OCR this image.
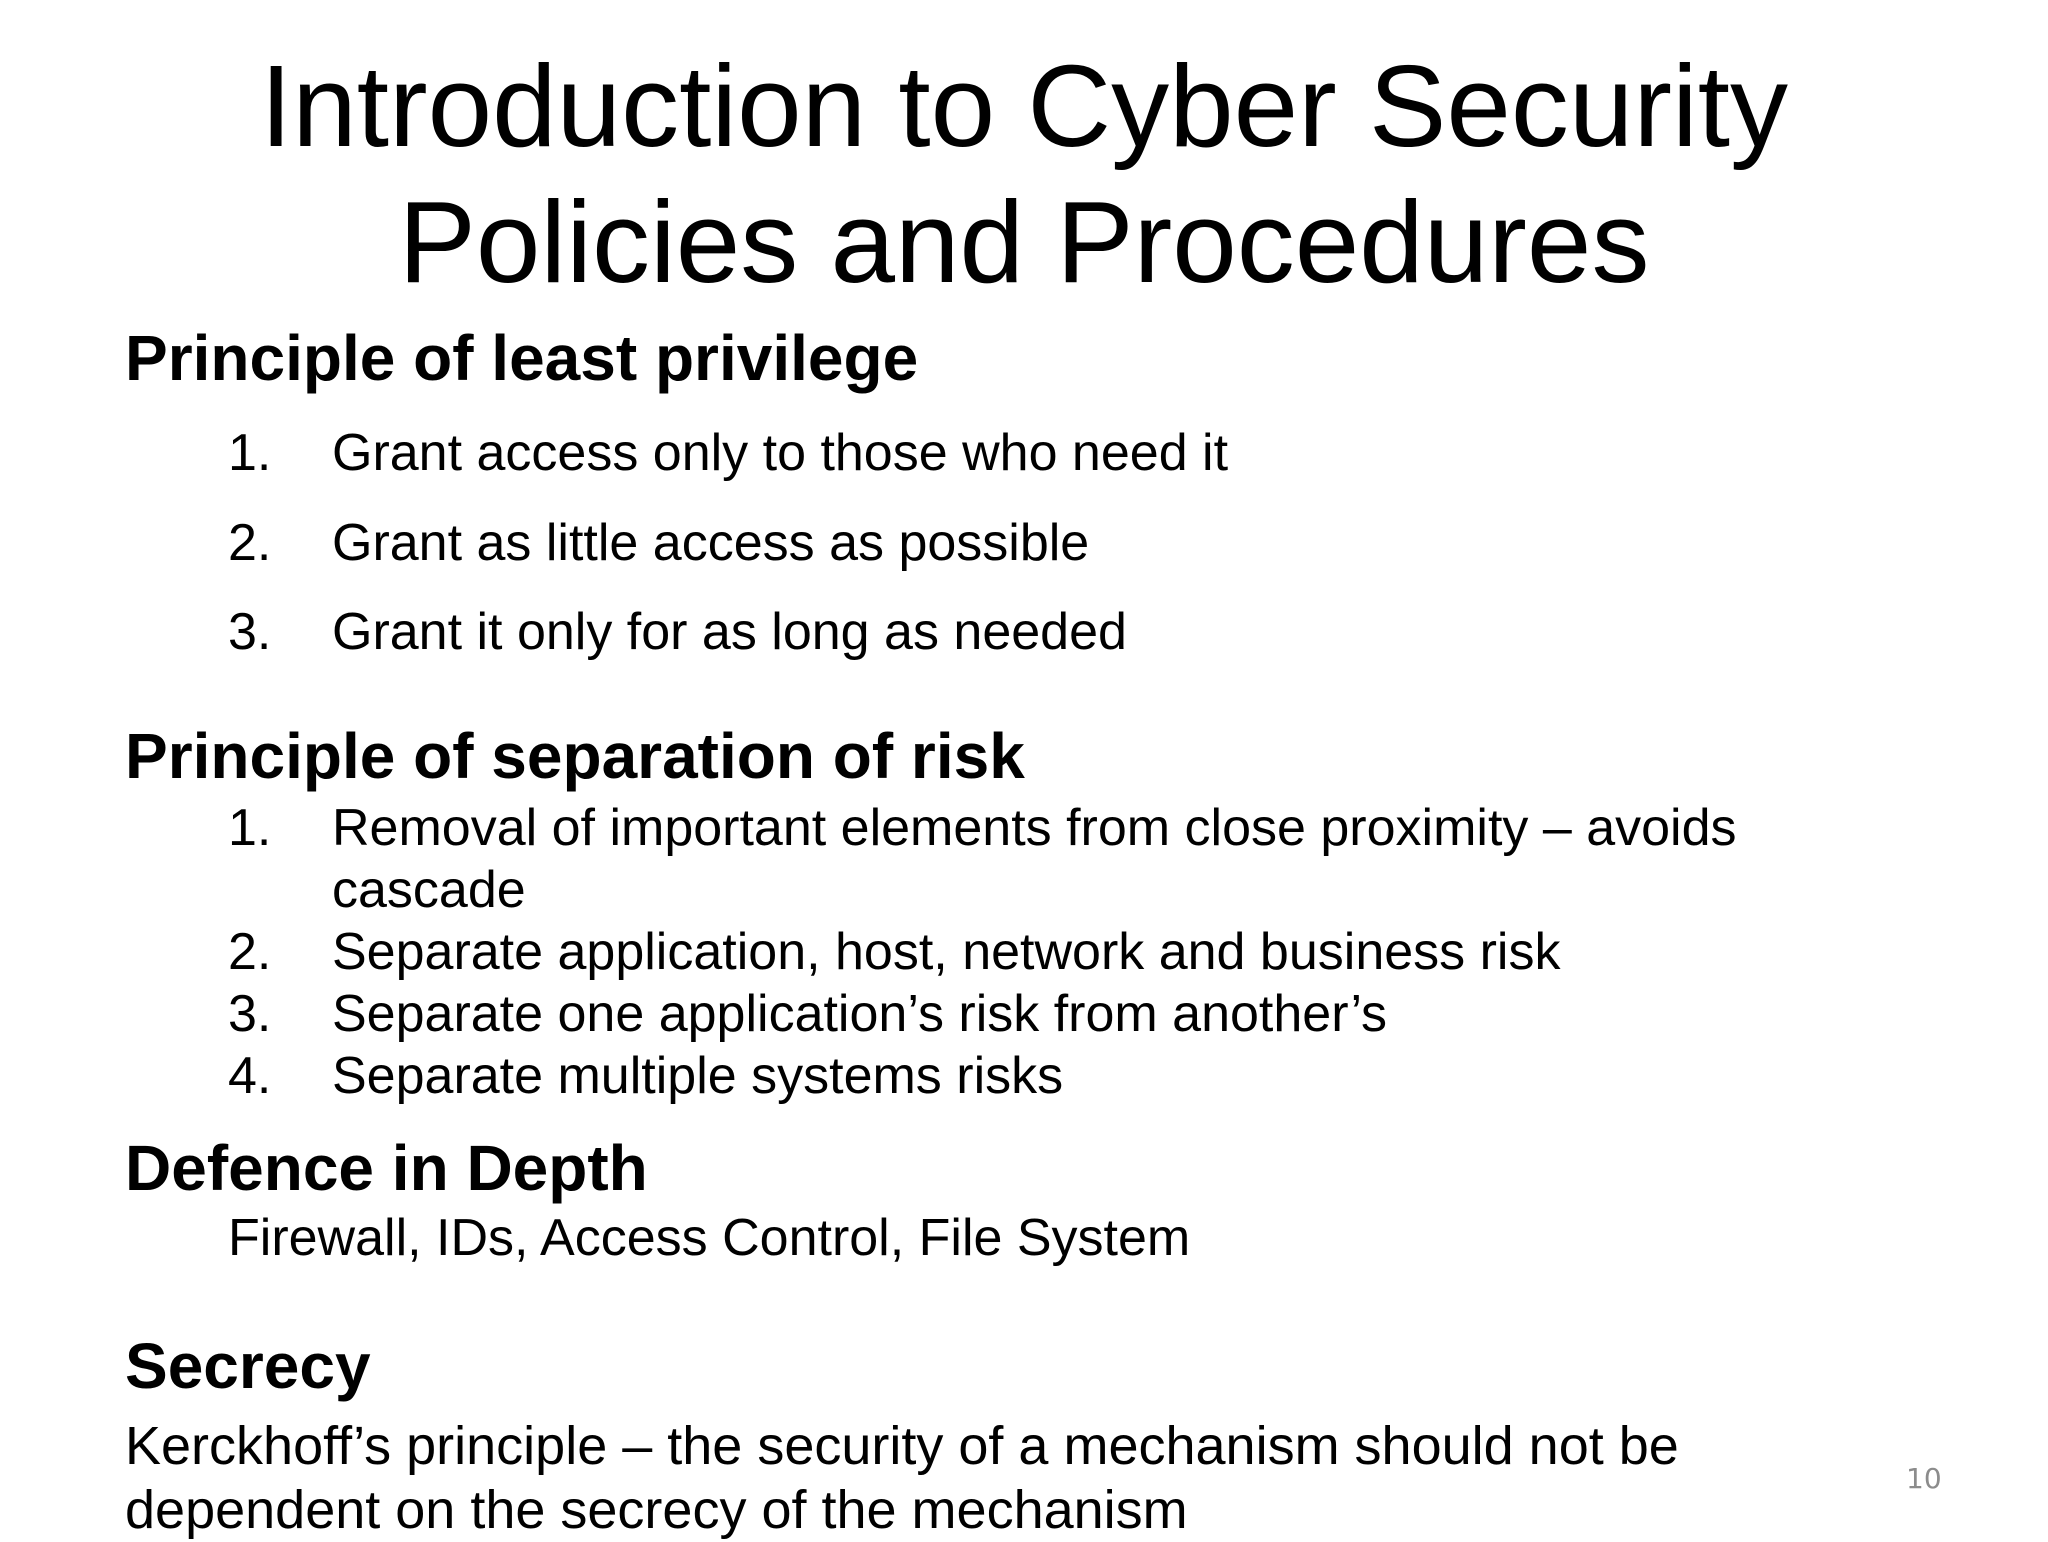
Introduction to Cyber Security
Policies and Procedures
Principle of least privilege
1. Grant access only to those who need it
2. Grant as little access as possible
3. Grant it only for as long as needed
Principle of separation of risk
1. Removal of important elements from close proximity – avoids
cascade
2. Separate application, host, network and business risk
3. Separate one application’s risk from another’s
4. Separate multiple systems risks
Defence in Depth
Firewall, IDs, Access Control, File System
Secrecy
Kerckhoff’s principle – the security of a mechanism should not be
dependent on the secrecy of the mechanism
10
